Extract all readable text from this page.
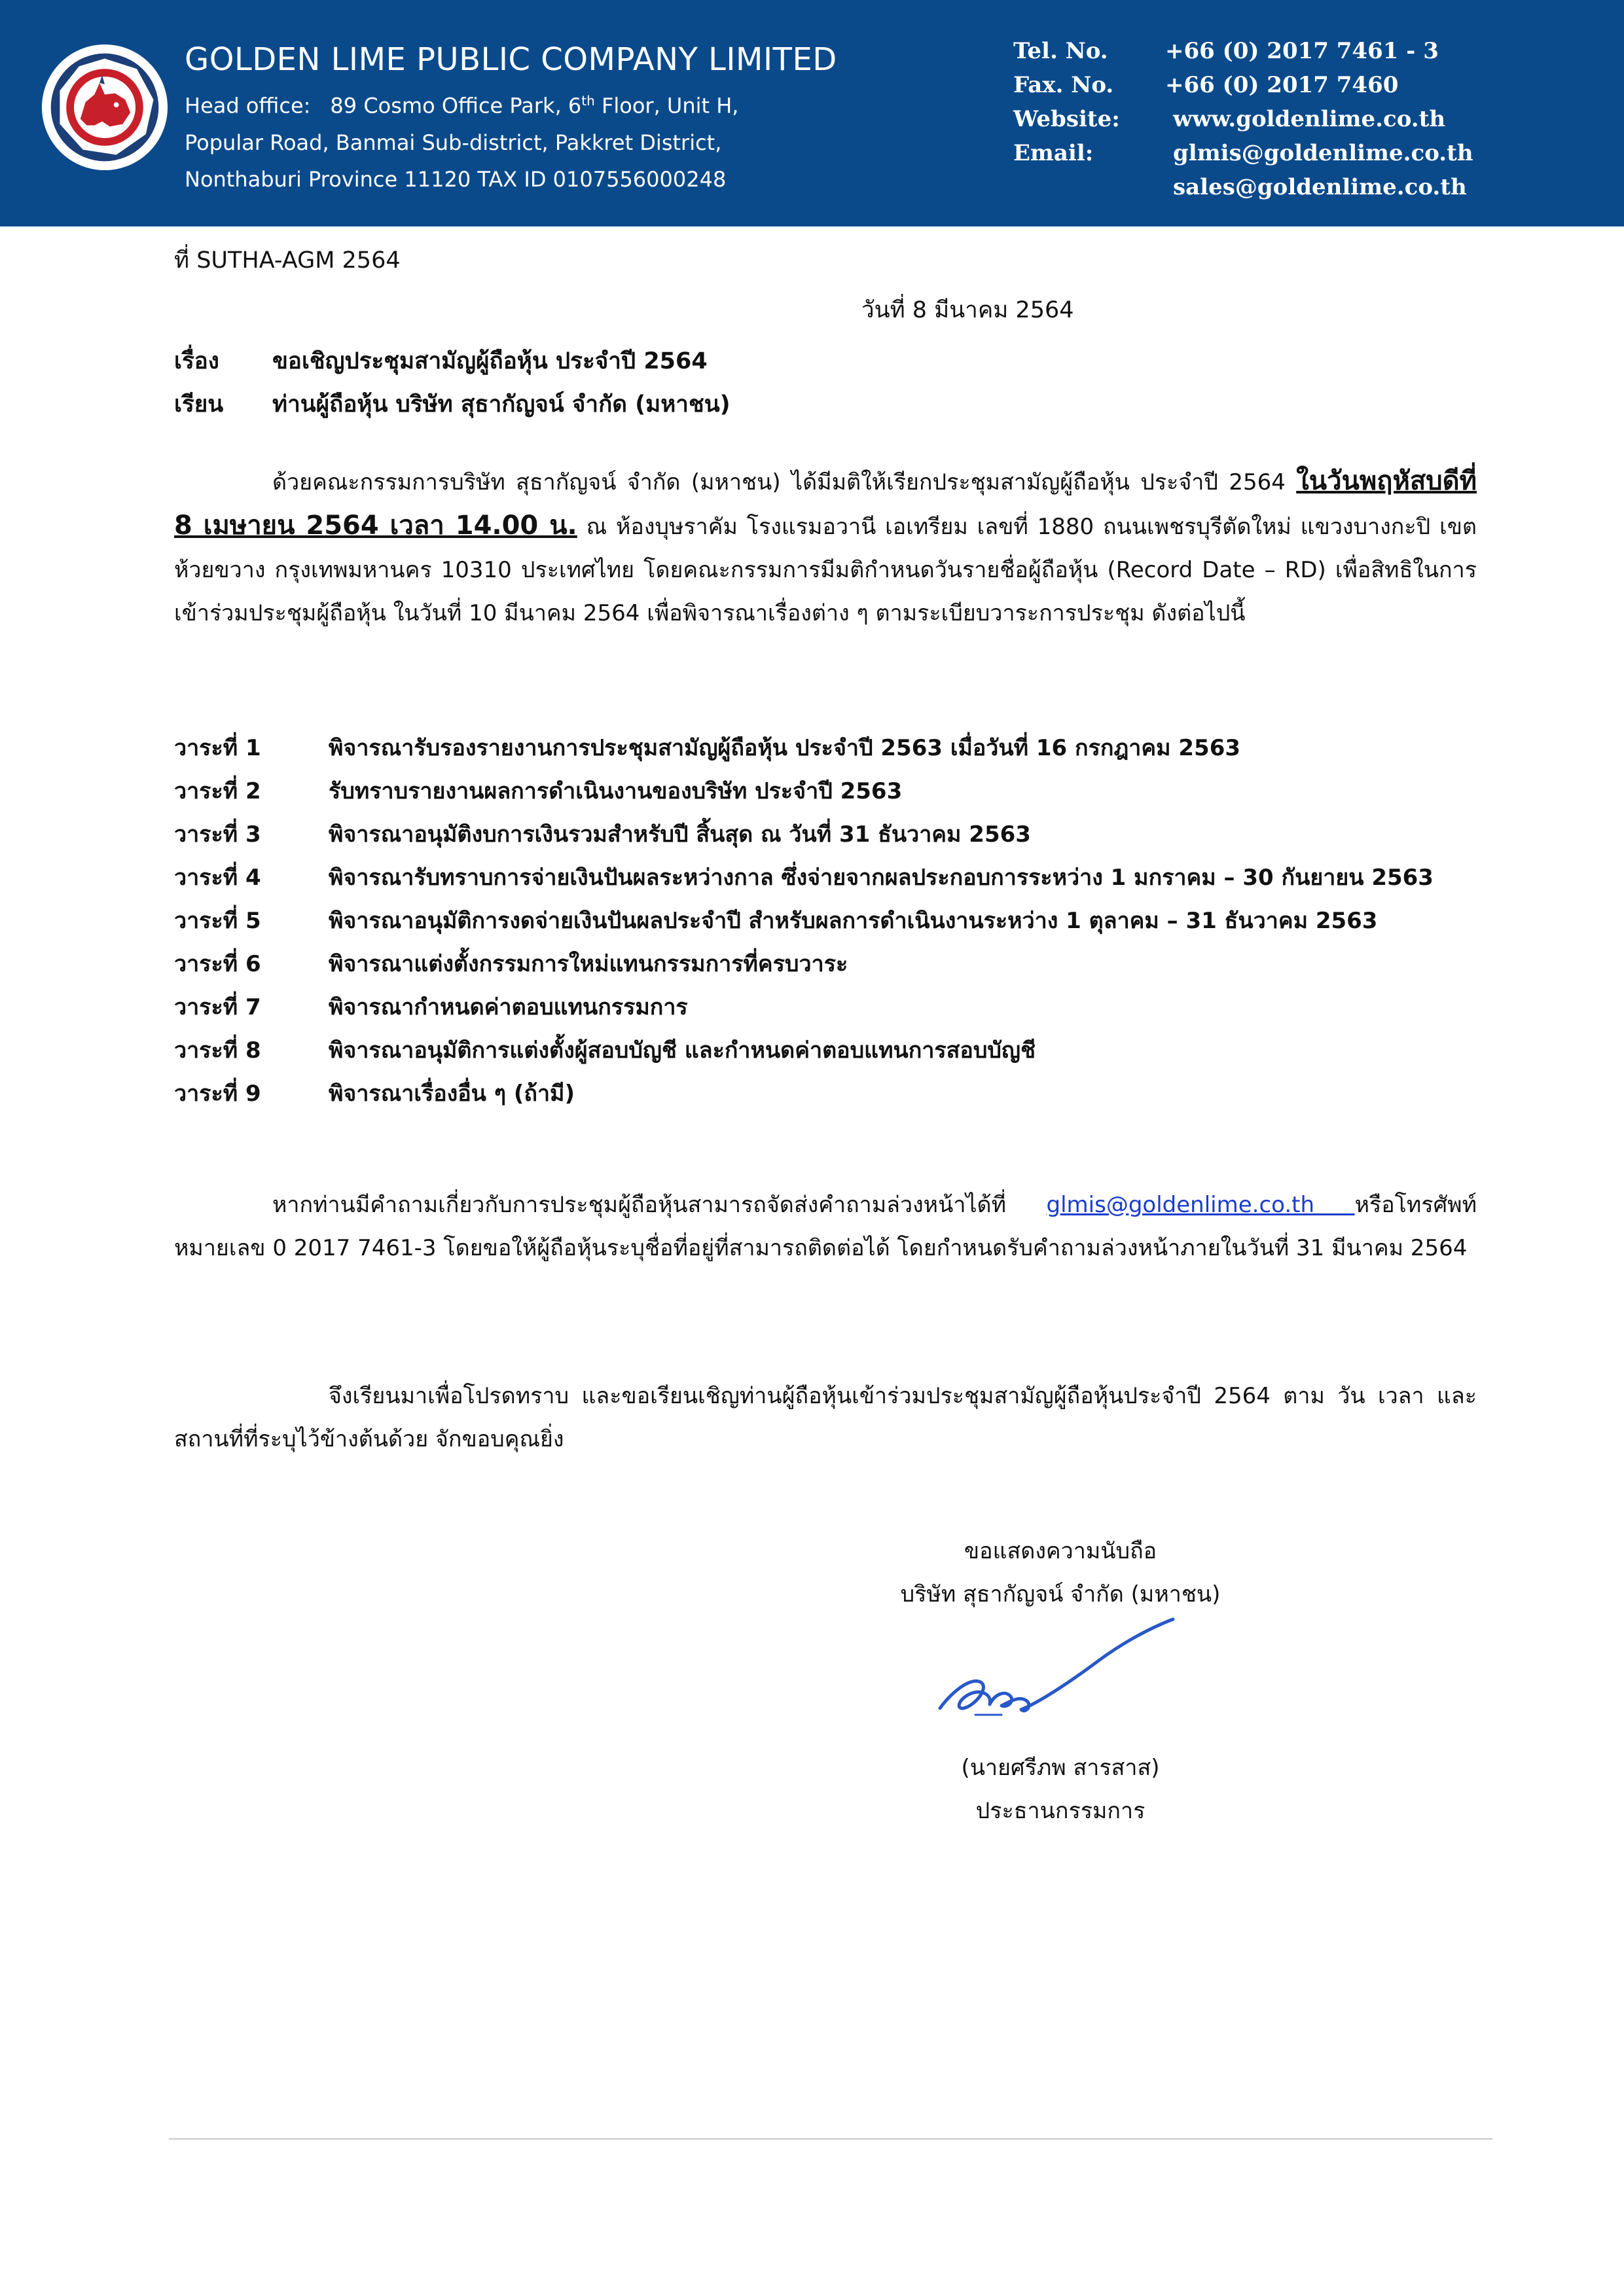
GOLDEN LIME PUBLIC COMPANY LIMITED
Head office: 89 Cosmo Office Park, 6th Floor, Unit H,
Popular Road, Banmai Sub-district, Pakkret District,
Nonthaburi Province 11120 TAX ID 0107556000248
Tel. No.	+66 (0) 2017 7461 - 3
Fax. No. +66 (0) 2017 7460
Website: www.goldenlime.co.th
Email:	glmis@goldenlime.co.th
sales@goldenlime.co.th
ที่ SUTHA-AGM 2564
วันที่ 8 มีนาคม 2564
เรื่อง ขอเชิญประชุมสามัญผู้ถือหุ้น ประจำปี 2564
เรียน ท่านผู้ถือหุ้น บริษัท สุธากัญจน์ จำกัด (มหาชน)
ด้วยคณะกรรมการบริษัท สุธากัญจน์ จำกัด (มหาชน) ได้มีมติให้เรียกประชุมสามัญผู้ถือหุ้น ประจำปี 2564 ในวันพฤหัสบดีที่ 8 เมษายน 2564 เวลา 14.00 น. ณ ห้องบุษราคัม โรงแรมอวานี เอเทรียม เลขที่ 1880 ถนนเพชรบุรีตัดใหม่ แขวงบางกะปิ เขตห้วยขวาง กรุงเทพมหานคร 10310 ประเทศไทย โดยคณะกรรมการมีมติกำหนดวันรายชื่อผู้ถือหุ้น (Record Date – RD) เพื่อสิทธิในการเข้าร่วมประชุมผู้ถือหุ้น ในวันที่ 10 มีนาคม 2564 เพื่อพิจารณาเรื่องต่าง ๆ ตามระเบียบวาระการประชุม ดังต่อไปนี้
วาระที่ 1	พิจารณารับรองรายงานการประชุมสามัญผู้ถือหุ้น ประจำปี 2563 เมื่อวันที่ 16 กรกฎาคม 2563
วาระที่ 2	รับทราบรายงานผลการดำเนินงานของบริษัท ประจำปี 2563
วาระที่ 3	พิจารณาอนุมัติงบการเงินรวมสำหรับปี สิ้นสุด ณ วันที่ 31 ธันวาคม 2563
วาระที่ 4	พิจารณารับทราบการจ่ายเงินปันผลระหว่างกาล ซึ่งจ่ายจากผลประกอบการระหว่าง 1 มกราคม – 30 กันยายน 2563
วาระที่ 5	พิจารณาอนุมัติการงดจ่ายเงินปันผลประจำปี สำหรับผลการดำเนินงานระหว่าง 1 ตุลาคม – 31 ธันวาคม 2563
วาระที่ 6	พิจารณาแต่งตั้งกรรมการใหม่แทนกรรมการที่ครบวาระ
วาระที่ 7	พิจารณากำหนดค่าตอบแทนกรรมการ
วาระที่ 8	พิจารณาอนุมัติการแต่งตั้งผู้สอบบัญชี และกำหนดค่าตอบแทนการสอบบัญชี
วาระที่ 9	พิจารณาเรื่องอื่น ๆ (ถ้ามี)
หากท่านมีคำถามเกี่ยวกับการประชุมผู้ถือหุ้นสามารถจัดส่งคำถามล่วงหน้าได้ที่ glmis@goldenlime.co.th หรือโทรศัพท์หมายเลข 0 2017 7461-3 โดยขอให้ผู้ถือหุ้นระบุชื่อที่อยู่ที่สามารถติดต่อได้ โดยกำหนดรับคำถามล่วงหน้าภายในวันที่ 31 มีนาคม 2564
จึงเรียนมาเพื่อโปรดทราบ และขอเรียนเชิญท่านผู้ถือหุ้นเข้าร่วมประชุมสามัญผู้ถือหุ้นประจำปี 2564 ตาม วัน เวลา และสถานที่ที่ระบุไว้ข้างต้นด้วย จักขอบคุณยิ่ง
ขอแสดงความนับถือ
บริษัท สุธากัญจน์ จำกัด (มหาชน)
(นายศรีภพ สารสาส)
ประธานกรรมการ
